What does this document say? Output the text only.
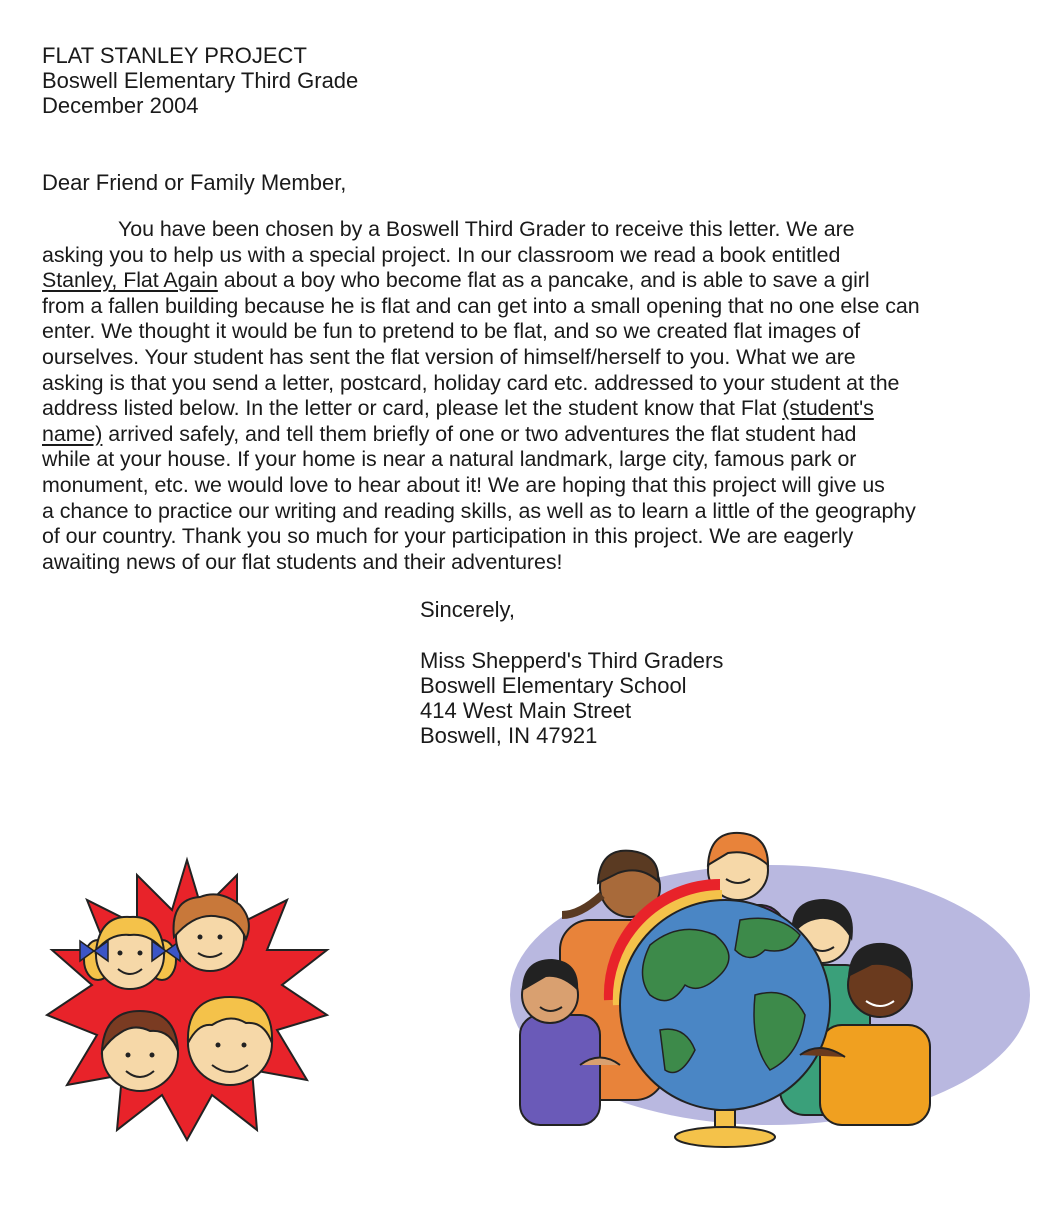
FLAT STANLEY PROJECT
Boswell Elementary Third Grade
December 2004
Dear Friend or Family Member,
You have been chosen by a Boswell Third Grader to receive this letter. We are
asking you to help us with a special project. In our classroom we read a book entitled
Stanley, Flat Again about a boy who become flat as a pancake, and is able to save a girl
from a fallen building because he is flat and can get into a small opening that no one else can
enter. We thought it would be fun to pretend to be flat, and so we created flat images of
ourselves. Your student has sent the flat version of himself/herself to you. What we are
asking is that you send a letter, postcard, holiday card etc. addressed to your student at the
address listed below. In the letter or card, please let the student know that Flat (student's
name) arrived safely, and tell them briefly of one or two adventures the flat student had
while at your house. If your home is near a natural landmark, large city, famous park or
monument, etc. we would love to hear about it! We are hoping that this project will give us
a chance to practice our writing and reading skills, as well as to learn a little of the geography
of our country. Thank you so much for your participation in this project. We are eagerly
awaiting news of our flat students and their adventures!
Sincerely,
Miss Shepperd's Third Graders
Boswell Elementary School
414 West Main Street
Boswell, IN 47921
